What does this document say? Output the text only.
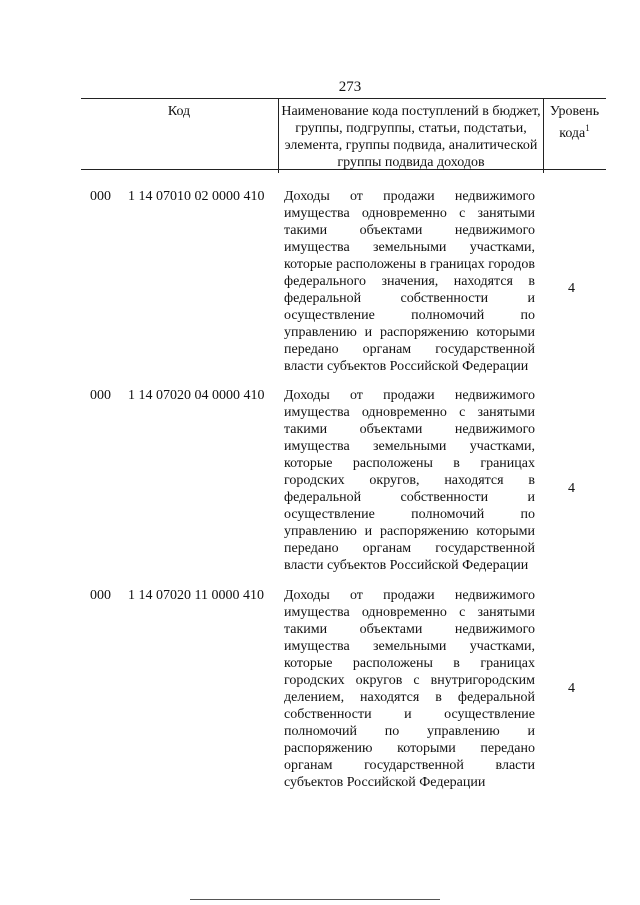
273
Код	Наименование кода поступлений в бюджет, группы, подгруппы, статьи, подстатьи, элемента, группы подвида, аналитической группы подвида доходов
Уровень кода$^1$
000 1 14 07010 02 0000 410 Доходы от продажи недвижимого имущества одновременно с занятыми такими объектами недвижимого имущества земельными участками, которые расположены в границах городов федерального значения, находятся в федеральной собственности и осуществление полномочий по управлению и распоряжению которыми передано органам государственной власти субъектов Российской Федерации
4
000 1 14 07020 04 0000 410 Доходы от продажи недвижимого имущества одновременно с занятыми такими объектами недвижимого имущества земельными участками, которые расположены в границах городских округов, находятся в федеральной собственности и осуществление полномочий по управлению и распоряжению которыми передано органам государственной власти субъектов Российской Федерации
4
000 1 14 07020 11 0000 410 Доходы от продажи недвижимого имущества одновременно с занятыми такими объектами недвижимого имущества земельными участками, которые расположены в границах городских округов с внутригородским делением, находятся в федеральной собственности и осуществление полномочий по управлению и распоряжению которыми передано органам государственной власти субъектов Российской Федерации
4
